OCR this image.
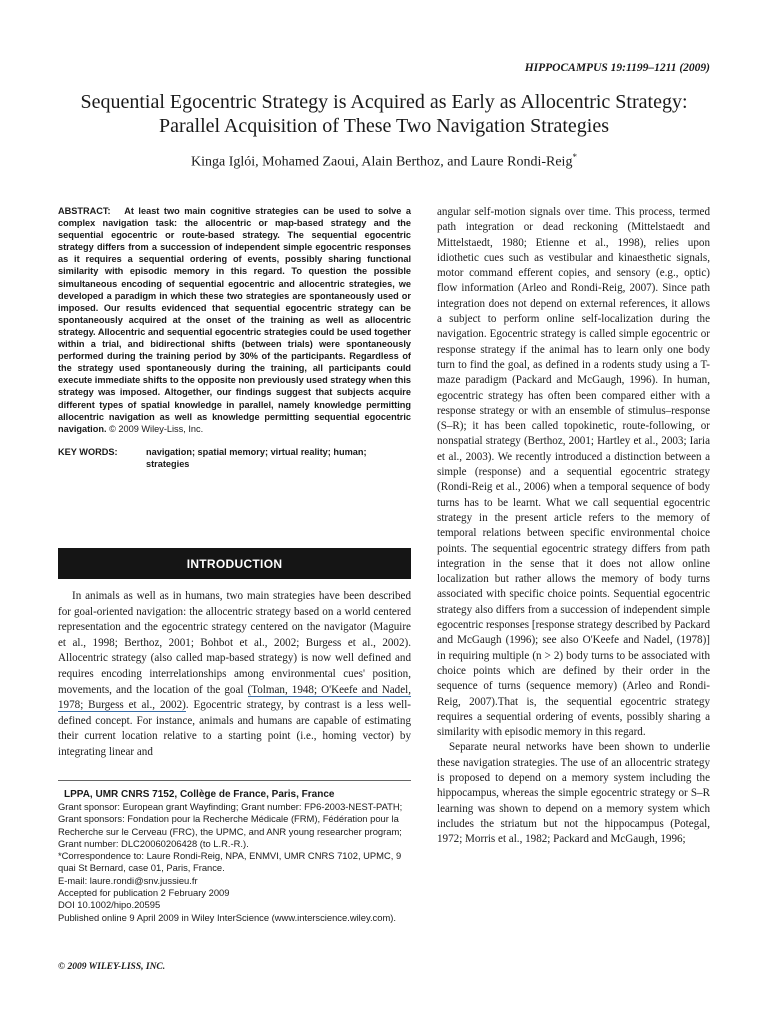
HIPPOCAMPUS 19:1199–1211 (2009)
Sequential Egocentric Strategy is Acquired as Early as Allocentric Strategy: Parallel Acquisition of These Two Navigation Strategies
Kinga Iglói, Mohamed Zaoui, Alain Berthoz, and Laure Rondi-Reig*

ABSTRACT: At least two main cognitive strategies can be used to solve a complex navigation task: the allocentric or map-based strategy and the sequential egocentric or route-based strategy. The sequential egocentric strategy differs from a succession of independent simple egocentric responses as it requires a sequential ordering of events, possibly sharing functional similarity with episodic memory in this regard. To question the possible simultaneous encoding of sequential egocentric and allocentric strategies, we developed a paradigm in which these two strategies are spontaneously used or imposed. Our results evidenced that sequential egocentric strategy can be spontaneously acquired at the onset of the training as well as allocentric strategy. Allocentric and sequential egocentric strategies could be used together within a trial, and bidirectional shifts (between trials) were spontaneously performed during the training period by 30% of the participants. Regardless of the strategy used spontaneously during the training, all participants could execute immediate shifts to the opposite non previously used strategy when this strategy was imposed. Altogether, our findings suggest that subjects acquire different types of spatial knowledge in parallel, namely knowledge permitting allocentric navigation as well as knowledge permitting sequential egocentric navigation. © 2009 Wiley-Liss, Inc.

KEY WORDS:	navigation; spatial memory; virtual reality; human; strategies
INTRODUCTION

In animals as well as in humans, two main strategies have been described for goal-oriented navigation: the allocentric strategy based on a world centered representation and the egocentric strategy centered on the navigator (Maguire et al., 1998; Berthoz, 2001; Bohbot et al., 2002; Burgess et al., 2002). Allocentric strategy (also called map-based strategy) is now well defined and requires encoding interrelationships among environmental cues' position, movements, and the location of the goal (Tolman, 1948; O'Keefe and Nadel, 1978; Burgess et al., 2002). Egocentric strategy, by contrast is a less well-defined concept. For instance, animals and humans are capable of estimating their current location relative to a starting point (i.e., homing vector) by integrating linear and

LPPA, UMR CNRS 7152, Collège de France, Paris, France

Grant sponsor: European grant Wayfinding; Grant number: FP6-2003-NEST-PATH; Grant sponsors: Fondation pour la Recherche Médicale (FRM), Fédération pour la Recherche sur le Cerveau (FRC), the UPMC, and ANR young researcher program; Grant number: DLC20060206428 (to L.R.-R.).

*Correspondence to: Laure Rondi-Reig, NPA, ENMVI, UMR CNRS 7102, UPMC, 9 quai St Bernard, case 01, Paris, France.

E-mail: laure.rondi@snv.jussieu.fr

Accepted for publication 2 February 2009

DOI 10.1002/hipo.20595

Published online 9 April 2009 in Wiley InterScience (www.interscience.wiley.com).

© 2009 WILEY-LISS, INC.

angular self-motion signals over time. This process, termed path integration or dead reckoning (Mittelstaedt and Mittelstaedt, 1980; Etienne et al., 1998), relies upon idiothetic cues such as vestibular and kinaesthetic signals, motor command efferent copies, and sensory (e.g., optic) flow information (Arleo and Rondi-Reig, 2007). Since path integration does not depend on external references, it allows a subject to perform online self-localization during the navigation. Egocentric strategy is called simple egocentric or response strategy if the animal has to learn only one body turn to find the goal, as defined in a rodents study using a T-maze paradigm (Packard and McGaugh, 1996). In human, egocentric strategy has often been compared either with a response strategy or with an ensemble of stimulus–response (S–R); it has been called topokinetic, route-following, or nonspatial strategy (Berthoz, 2001; Hartley et al., 2003; Iaria et al., 2003). We recently introduced a distinction between a simple (response) and a sequential egocentric strategy (Rondi-Reig et al., 2006) when a temporal sequence of body turns has to be learnt. What we call sequential egocentric strategy in the present article refers to the memory of temporal relations between specific environmental choice points. The sequential egocentric strategy differs from path integration in the sense that it does not allow online localization but rather allows the memory of body turns associated with specific choice points. Sequential egocentric strategy also differs from a succession of independent simple egocentric responses [response strategy described by Packard and McGaugh (1996); see also O'Keefe and Nadel, (1978)] in requiring multiple (n > 2) body turns to be associated with choice points which are defined by their order in the sequence of turns (sequence memory) (Arleo and Rondi-Reig, 2007).That is, the sequential egocentric strategy requires a sequential ordering of events, possibly sharing a similarity with episodic memory in this regard.

Separate neural networks have been shown to underlie these navigation strategies. The use of an allocentric strategy is proposed to depend on a memory system including the hippocampus, whereas the simple egocentric strategy or S–R learning was shown to depend on a memory system which includes the striatum but not the hippocampus (Potegal, 1972; Morris et al., 1982; Packard and McGaugh, 1996;
